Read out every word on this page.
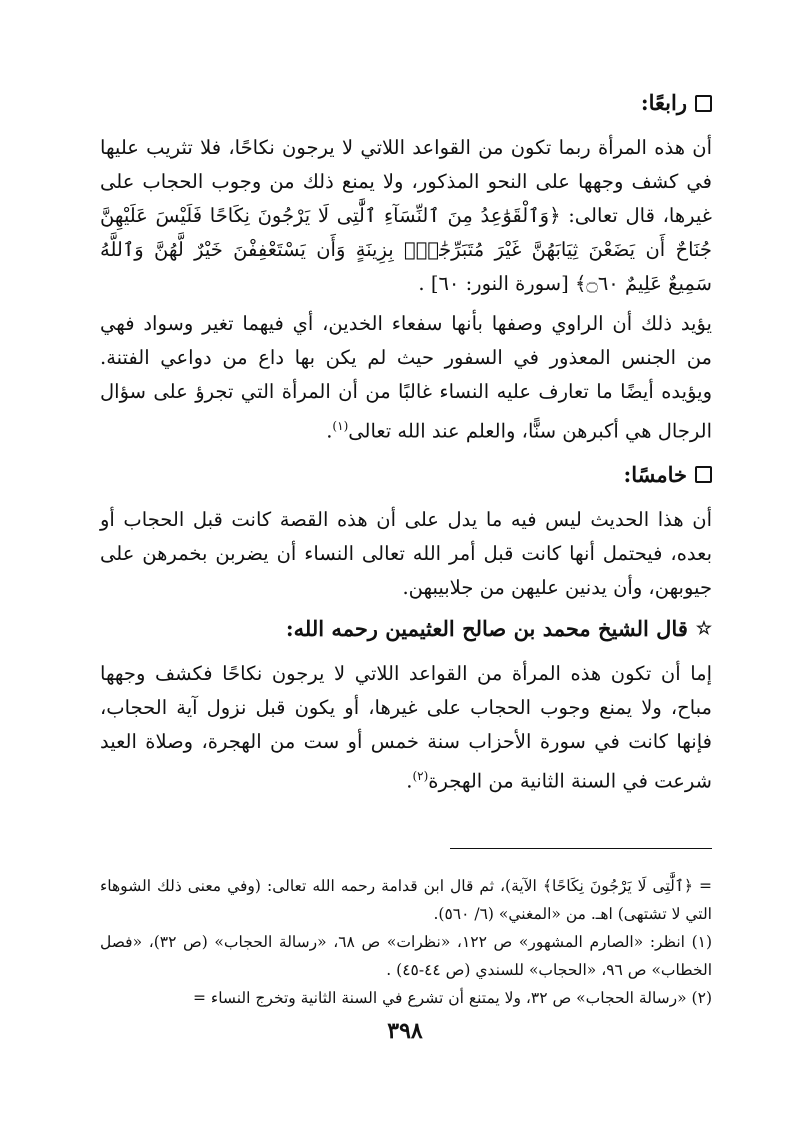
رابعًا:

أن هذه المرأة ربما تكون من القواعد اللاتي لا يرجون نكاحًا، فلا تثريب عليها في كشف وجهها على النحو المذكور، ولا يمنع ذلك من وجوب الحجاب على غيرها، قال تعالى: ﴿وَٱلْقَوَٰعِدُ مِنَ ٱلنِّسَآءِ ٱلَّٰتِى لَا يَرْجُونَ نِكَاحًا فَلَيْسَ عَلَيْهِنَّ جُنَاحٌ أَن يَضَعْنَ ثِيَابَهُنَّ غَيْرَ مُتَبَرِّجَٰتٍۭ بِزِينَةٍ وَأَن يَسْتَعْفِفْنَ خَيْرٌ لَّهُنَّ وَٱللَّهُ سَمِيعٌ عَلِيمٌ ۝٦٠﴾ [سورة النور: ٦٠] .

يؤيد ذلك أن الراوي وصفها بأنها سفعاء الخدين، أي فيهما تغير وسواد فهي من الجنس المعذور في السفور حيث لم يكن بها داع من دواعي الفتنة. ويؤيده أيضًا ما تعارف عليه النساء غالبًا من أن المرأة التي تجرؤ على سؤال الرجال هي أكبرهن سنًّا، والعلم عند الله تعالى$^{(١)}$.

خامسًا:

أن هذا الحديث ليس فيه ما يدل على أن هذه القصة كانت قبل الحجاب أو بعده، فيحتمل أنها كانت قبل أمر الله تعالى النساء أن يضربن بخمرهن على جيوبهن، وأن يدنين عليهن من جلابيبهن.

☆
قال الشيخ محمد بن صالح العثيمين رحمه الله:

إما أن تكون هذه المرأة من القواعد اللاتي لا يرجون نكاحًا فكشف وجهها مباح، ولا يمنع وجوب الحجاب على غيرها، أو يكون قبل نزول آية الحجاب، فإنها كانت في سورة الأحزاب سنة خمس أو ست من الهجرة، وصلاة العيد شرعت في السنة الثانية من الهجرة$^{(٢)}$.

= ﴿ٱلَّٰتِى لَا يَرْجُونَ نِكَاحًا﴾ الآية)، ثم قال ابن قدامة رحمه الله تعالى: (وفي معنى ذلك الشوهاء التي لا تشتهى) اهـ. من «المغني» (٦/ ٥٦٠).

(١) انظر: «الصارم المشهور» ص ١٢٢، «نظرات» ص ٦٨، «رسالة الحجاب» (ص ٣٢)، «فصل الخطاب» ص ٩٦، «الحجاب» للسندي (ص ٤٤-٤٥) .

(٢) «رسالة الحجاب» ص ٣٢، ولا يمتنع أن تشرع في السنة الثانية وتخرج النساء =

٣٩٨
